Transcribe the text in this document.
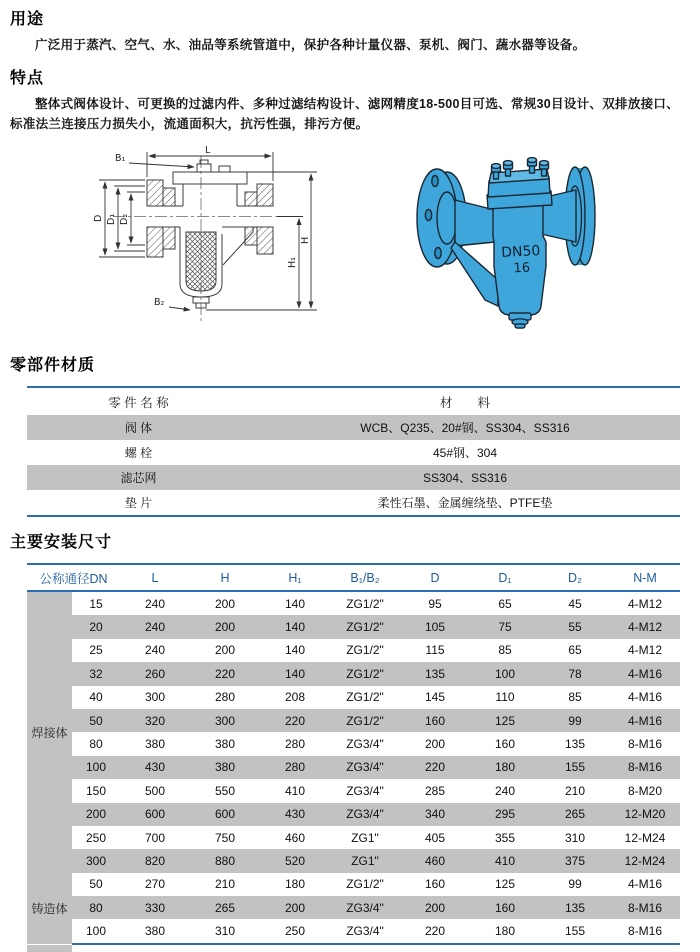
用途

广泛用于蒸汽、空气、水、油品等系统管道中，保护各种计量仪器、泵机、阀门、蔬水器等设备。

特点

整体式阀体设计、可更换的过滤内件、多种过滤结构设计、滤网精度18-500目可选、常规30目设计、双排放接口、标准法兰连接压力损失小，流通面积大，抗污性强，排污方便。

L
B₁
B₂
D D₁ D₂
H
H₁
DN50
16
零部件材质
零 件 名 称	材　　料
阀 体	WCB、Q235、20#钢、SS304、SS316
螺 栓	45#钢、304
滤芯网	SS304、SS316
垫 片	柔性石墨、金属缠绕垫、PTFE垫
主要安装尺寸
公称通径DN		L	H	H₁	B₁/B₂	D	D₁	D₂	N-M
焊接体	15	240	200	140	ZG1/2"	95	65	45	4-M12
	20	240	200	140	ZG1/2"	105	75	55	4-M12
	25	240	200	140	ZG1/2"	115	85	65	4-M12
	32	260	220	140	ZG1/2"	135	100	78	4-M16
	40	300	280	208	ZG1/2"	145	110	85	4-M16
	50	320	300	220	ZG1/2"	160	125	99	4-M16
	80	380	380	280	ZG3/4"	200	160	135	8-M16
	100	430	380	280	ZG3/4"	220	180	155	8-M16
	150	500	550	410	ZG3/4"	285	240	210	8-M20
	200	600	600	430	ZG3/4"	340	295	265	12-M20
	250	700	750	460	ZG1"	405	355	310	12-M24
	300	820	880	520	ZG1"	460	410	375	12-M24
铸造体	50	270	210	180	ZG1/2"	160	125	99	4-M16
	80	330	265	200	ZG3/4"	200	160	135	8-M16
	100	380	310	250	ZG3/4"	220	180	155	8-M16
